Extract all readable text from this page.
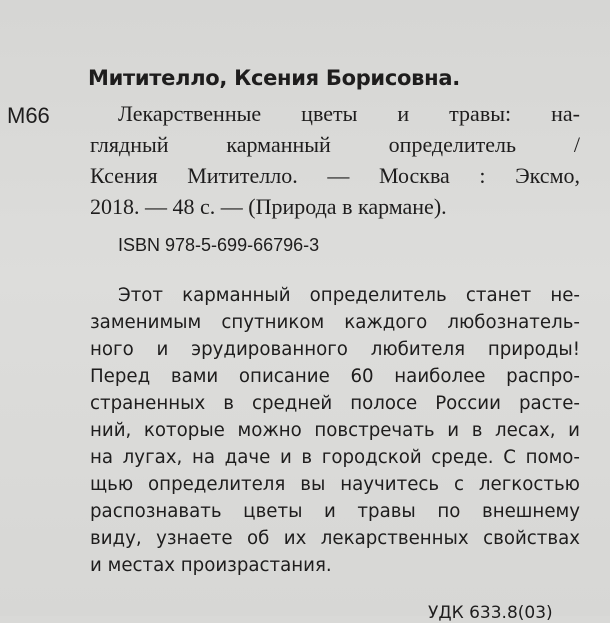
Митителло, Ксения Борисовна.
М66	Лекарственные цветы и травы: на-
глядный карманный определитель /
Ксения Митителло. — Москва : Эксмо,
2018. — 48 с. — (Природа в кармане).
ISBN 978-5-699-66796-3
Этот карманный определитель станет не-
заменимым спутником каждого любознатель-
ного и эрудированного любителя природы!
Перед вами описание 60 наиболее распро-
страненных в средней полосе России расте-
ний, которые можно повстречать и в лесах, и
на лугах, на даче и в городской среде. С помо-
щью определителя вы научитесь с легкостью
распознавать цветы и травы по внешнему
виду, узнаете об их лекарственных свойствах
и местах произрастания.
УДК 633.8(03)
